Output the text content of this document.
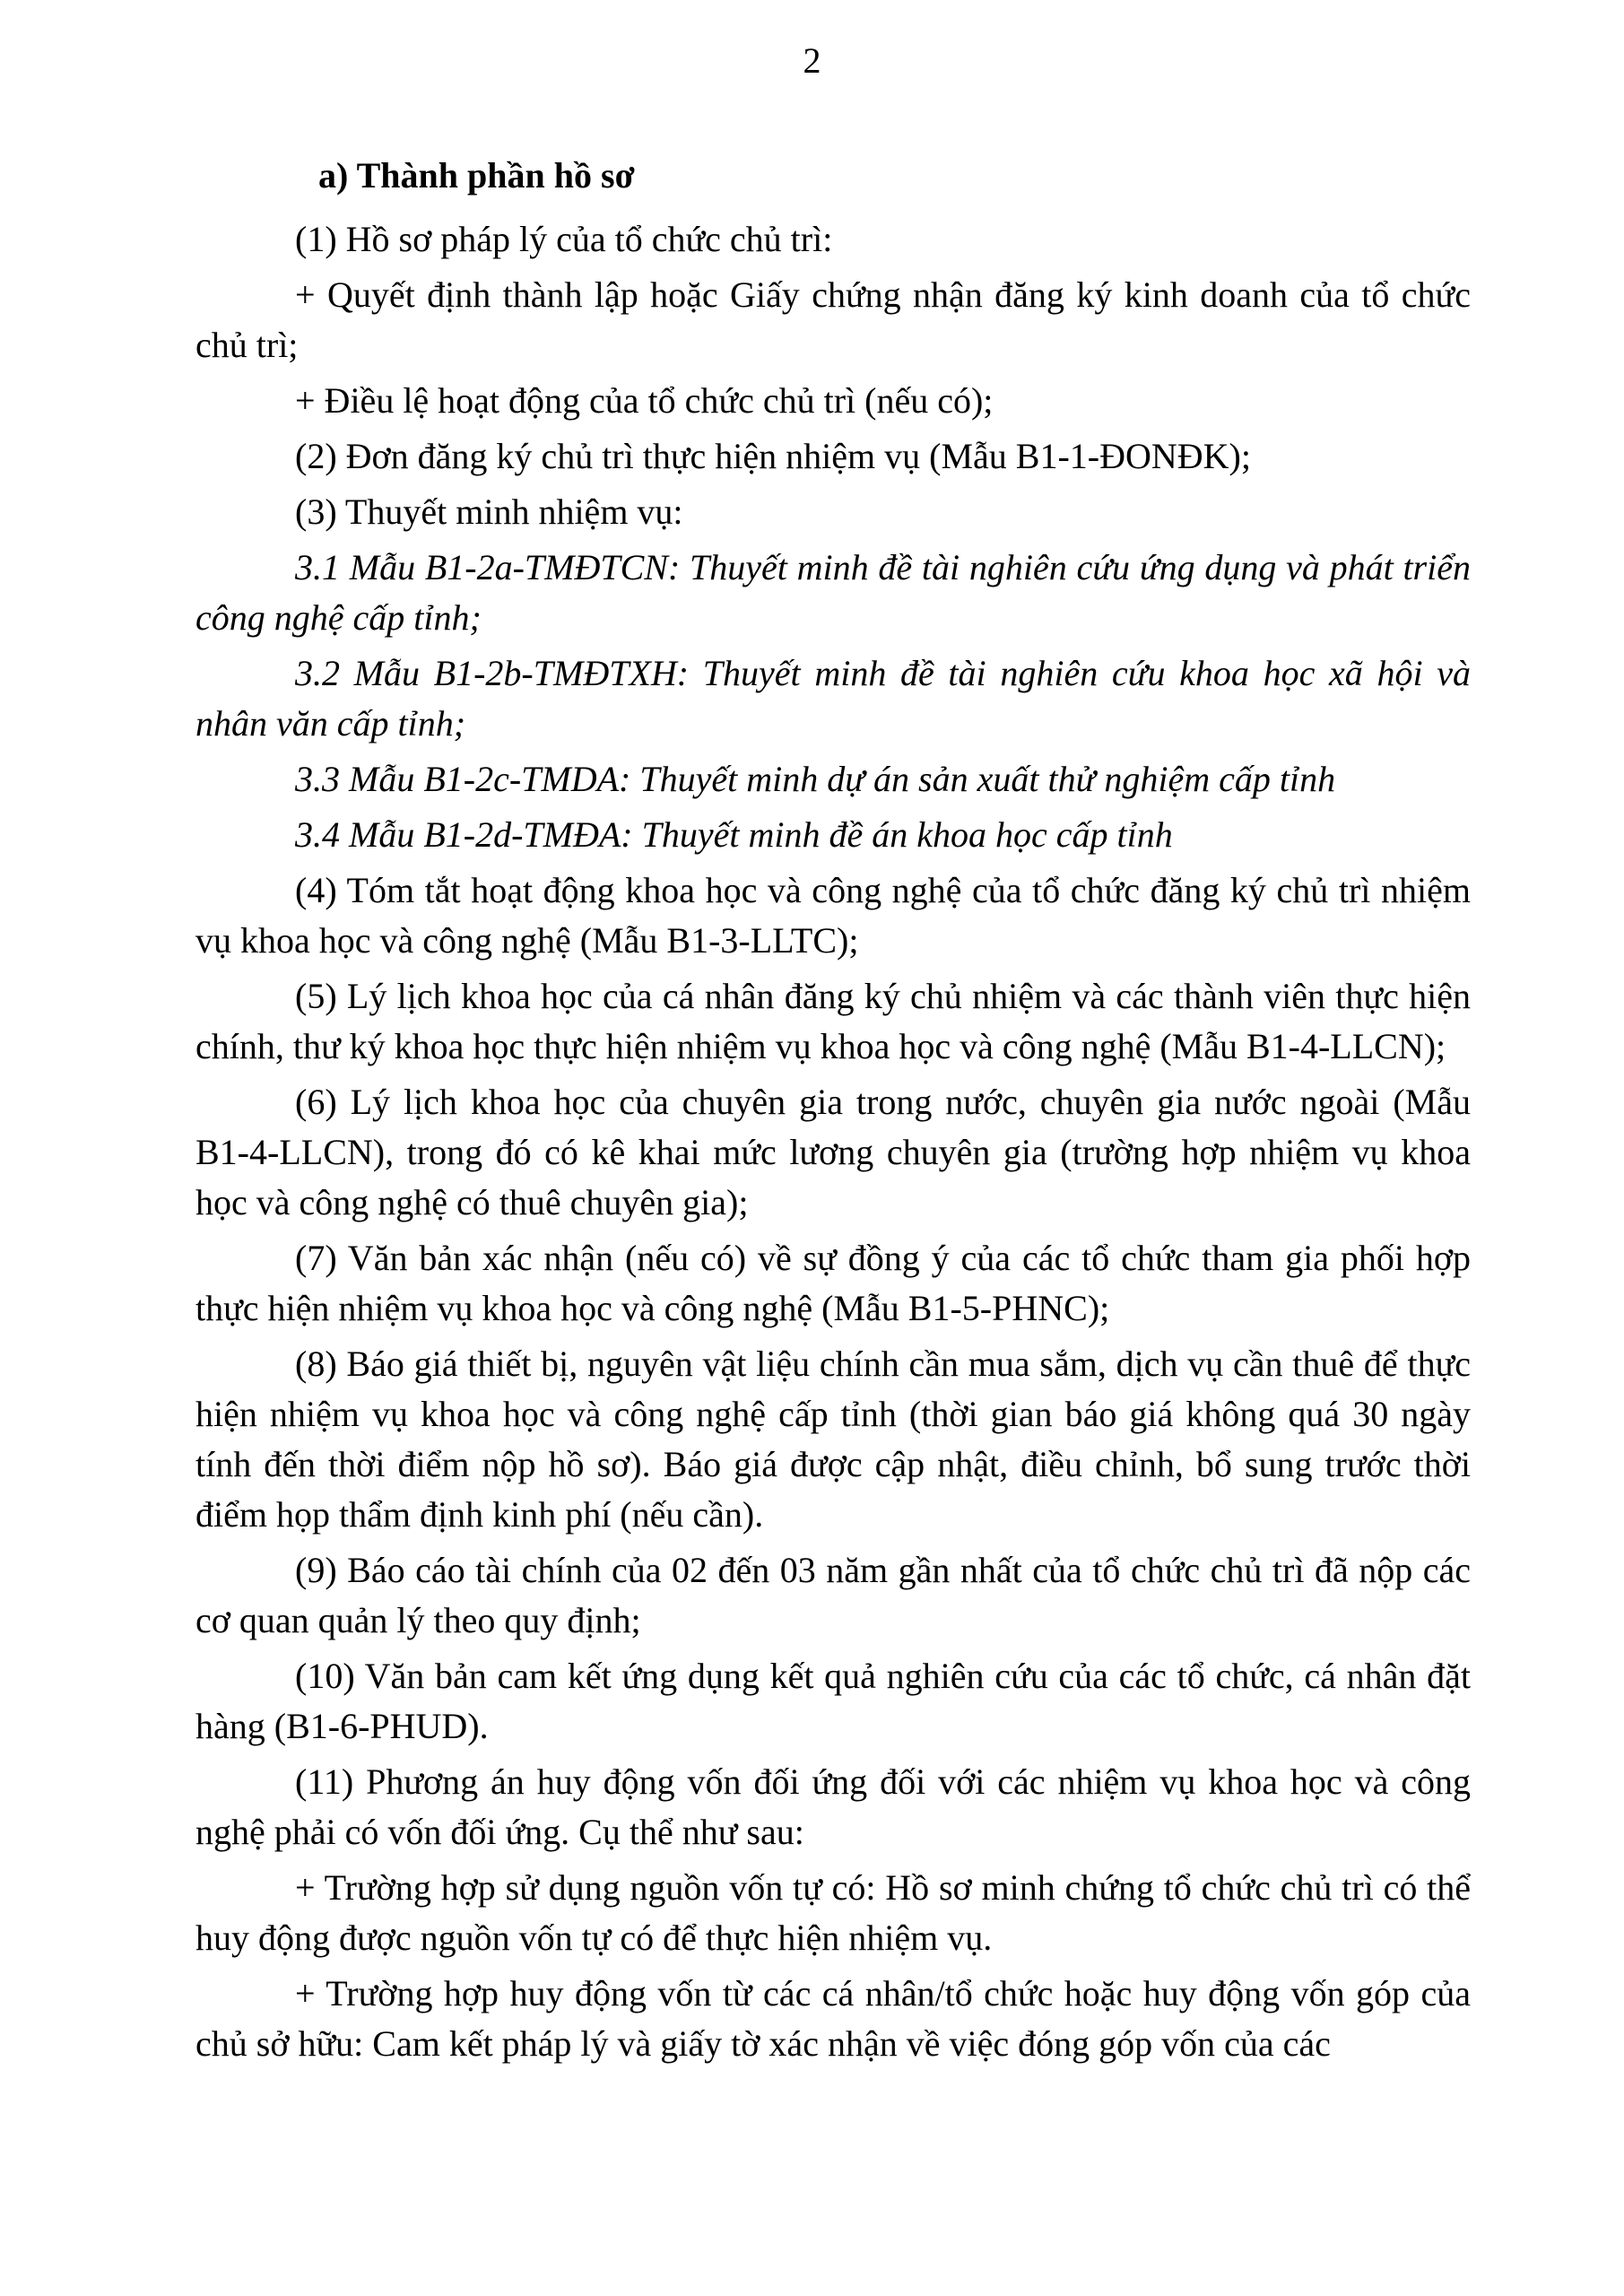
2

a) Thành phần hồ sơ

(1) Hồ sơ pháp lý của tổ chức chủ trì:

+ Quyết định thành lập hoặc Giấy chứng nhận đăng ký kinh doanh của tổ chức chủ trì;

+ Điều lệ hoạt động của tổ chức chủ trì (nếu có);

(2) Đơn đăng ký chủ trì thực hiện nhiệm vụ (Mẫu B1-1-ĐONĐK);

(3) Thuyết minh nhiệm vụ:

3.1 Mẫu B1-2a-TMĐTCN: Thuyết minh đề tài nghiên cứu ứng dụng và phát triển công nghệ cấp tỉnh;

3.2 Mẫu B1-2b-TMĐTXH: Thuyết minh đề tài nghiên cứu khoa học xã hội và nhân văn cấp tỉnh;

3.3 Mẫu B1-2c-TMDA: Thuyết minh dự án sản xuất thử nghiệm cấp tỉnh

3.4 Mẫu B1-2d-TMĐA: Thuyết minh đề án khoa học cấp tỉnh

(4) Tóm tắt hoạt động khoa học và công nghệ của tổ chức đăng ký chủ trì nhiệm vụ khoa học và công nghệ (Mẫu B1-3-LLTC);

(5) Lý lịch khoa học của cá nhân đăng ký chủ nhiệm và các thành viên thực hiện chính, thư ký khoa học thực hiện nhiệm vụ khoa học và công nghệ (Mẫu B1-4-LLCN);

(6) Lý lịch khoa học của chuyên gia trong nước, chuyên gia nước ngoài (Mẫu B1-4-LLCN), trong đó có kê khai mức lương chuyên gia (trường hợp nhiệm vụ khoa học và công nghệ có thuê chuyên gia);

(7) Văn bản xác nhận (nếu có) về sự đồng ý của các tổ chức tham gia phối hợp thực hiện nhiệm vụ khoa học và công nghệ (Mẫu B1-5-PHNC);

(8) Báo giá thiết bị, nguyên vật liệu chính cần mua sắm, dịch vụ cần thuê để thực hiện nhiệm vụ khoa học và công nghệ cấp tỉnh (thời gian báo giá không quá 30 ngày tính đến thời điểm nộp hồ sơ). Báo giá được cập nhật, điều chỉnh, bổ sung trước thời điểm họp thẩm định kinh phí (nếu cần).

(9) Báo cáo tài chính của 02 đến 03 năm gần nhất của tổ chức chủ trì đã nộp các cơ quan quản lý theo quy định;

(10) Văn bản cam kết ứng dụng kết quả nghiên cứu của các tổ chức, cá nhân đặt hàng (B1-6-PHUD).

(11) Phương án huy động vốn đối ứng đối với các nhiệm vụ khoa học và công nghệ phải có vốn đối ứng. Cụ thể như sau:

+ Trường hợp sử dụng nguồn vốn tự có: Hồ sơ minh chứng tổ chức chủ trì có thể huy động được nguồn vốn tự có để thực hiện nhiệm vụ.

+ Trường hợp huy động vốn từ các cá nhân/tổ chức hoặc huy động vốn góp của chủ sở hữu: Cam kết pháp lý và giấy tờ xác nhận về việc đóng góp vốn của các
